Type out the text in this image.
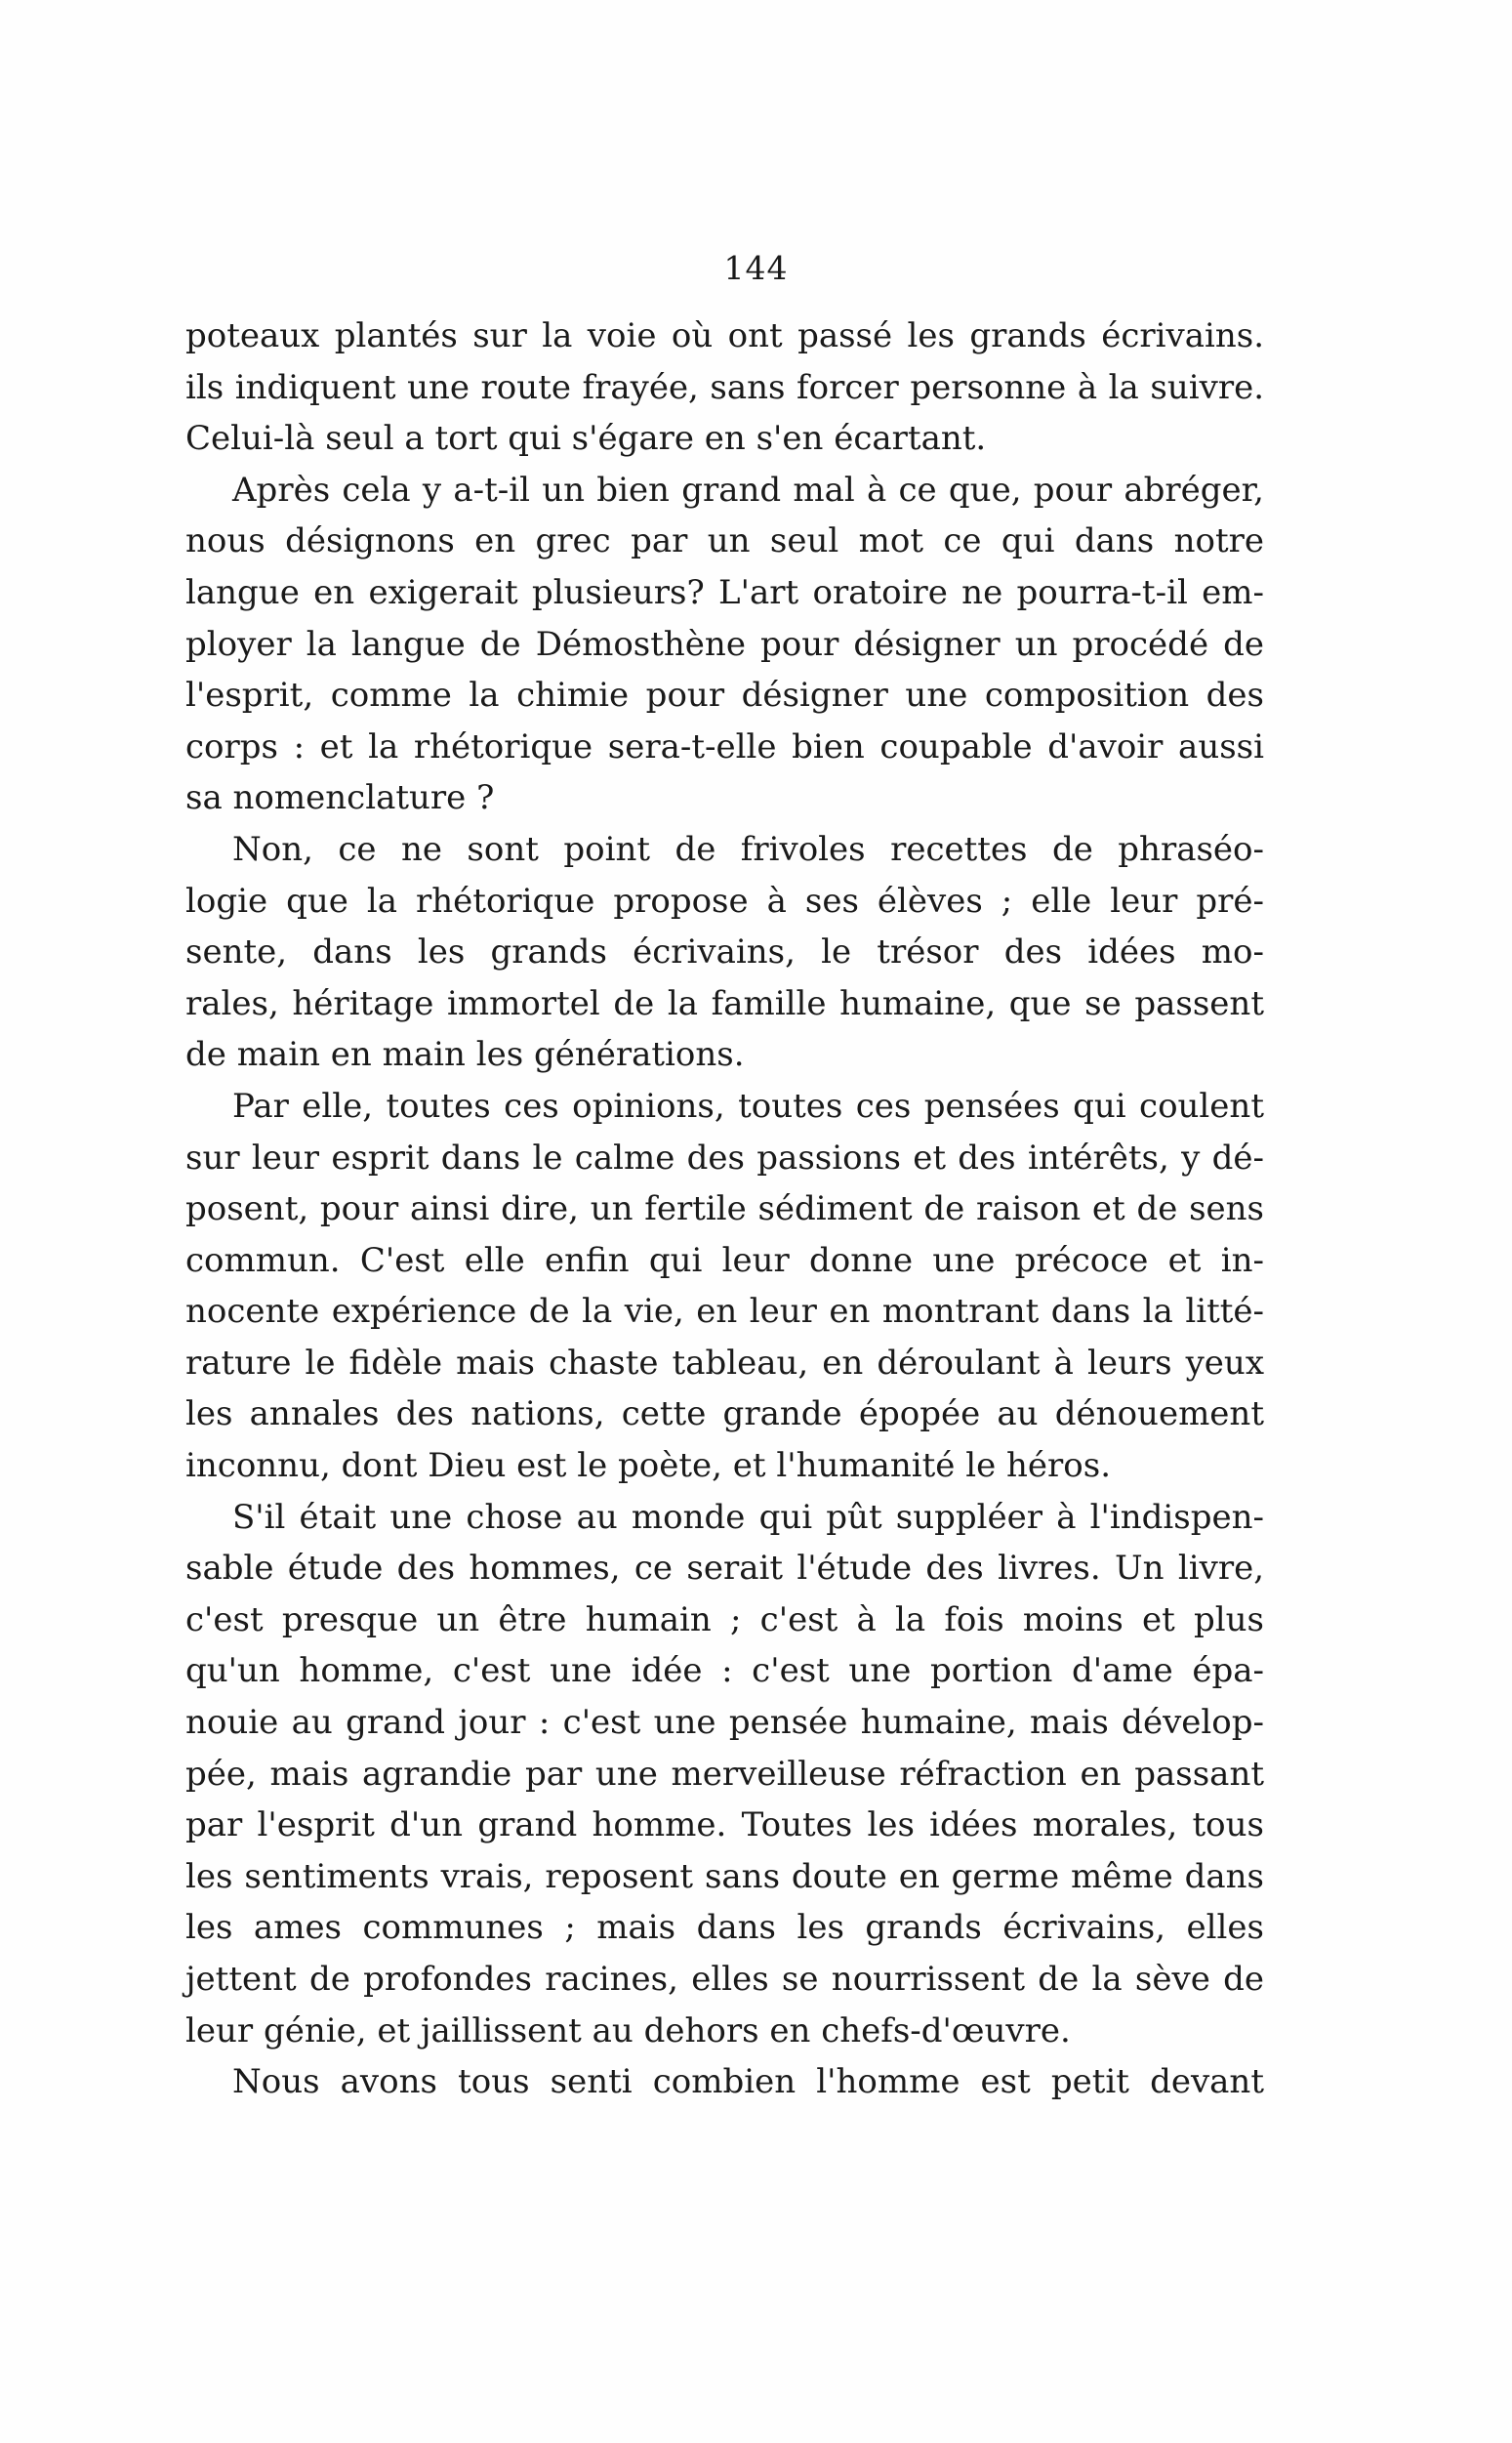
144
poteaux plantés sur la voie où ont passé les grands écrivains.
ils indiquent une route frayée, sans forcer personne à la suivre.
Celui-là seul a tort qui s'égare en s'en écartant.
Après cela y a-t-il un bien grand mal à ce que, pour abréger,
nous désignons en grec par un seul mot ce qui dans notre
langue en exigerait plusieurs? L'art oratoire ne pourra-t-il em-
ployer la langue de Démosthène pour désigner un procédé de
l'esprit, comme la chimie pour désigner une composition des
corps : et la rhétorique sera-t-elle bien coupable d'avoir aussi
sa nomenclature ?
Non, ce ne sont point de frivoles recettes de phraséo-
logie que la rhétorique propose à ses élèves ; elle leur pré-
sente, dans les grands écrivains, le trésor des idées mo-
rales, héritage immortel de la famille humaine, que se passent
de main en main les générations.
Par elle, toutes ces opinions, toutes ces pensées qui coulent
sur leur esprit dans le calme des passions et des intérêts, y dé-
posent, pour ainsi dire, un fertile sédiment de raison et de sens
commun. C'est elle enfin qui leur donne une précoce et in-
nocente expérience de la vie, en leur en montrant dans la litté-
rature le fidèle mais chaste tableau, en déroulant à leurs yeux
les annales des nations, cette grande épopée au dénouement
inconnu, dont Dieu est le poète, et l'humanité le héros.
S'il était une chose au monde qui pût suppléer à l'indispen-
sable étude des hommes, ce serait l'étude des livres. Un livre,
c'est presque un être humain ; c'est à la fois moins et plus
qu'un homme, c'est une idée : c'est une portion d'ame épa-
nouie au grand jour : c'est une pensée humaine, mais dévelop-
pée, mais agrandie par une merveilleuse réfraction en passant
par l'esprit d'un grand homme. Toutes les idées morales, tous
les sentiments vrais, reposent sans doute en germe même dans
les ames communes ; mais dans les grands écrivains, elles
jettent de profondes racines, elles se nourrissent de la sève de
leur génie, et jaillissent au dehors en chefs-d'œuvre.
Nous avons tous senti combien l'homme est petit devant
